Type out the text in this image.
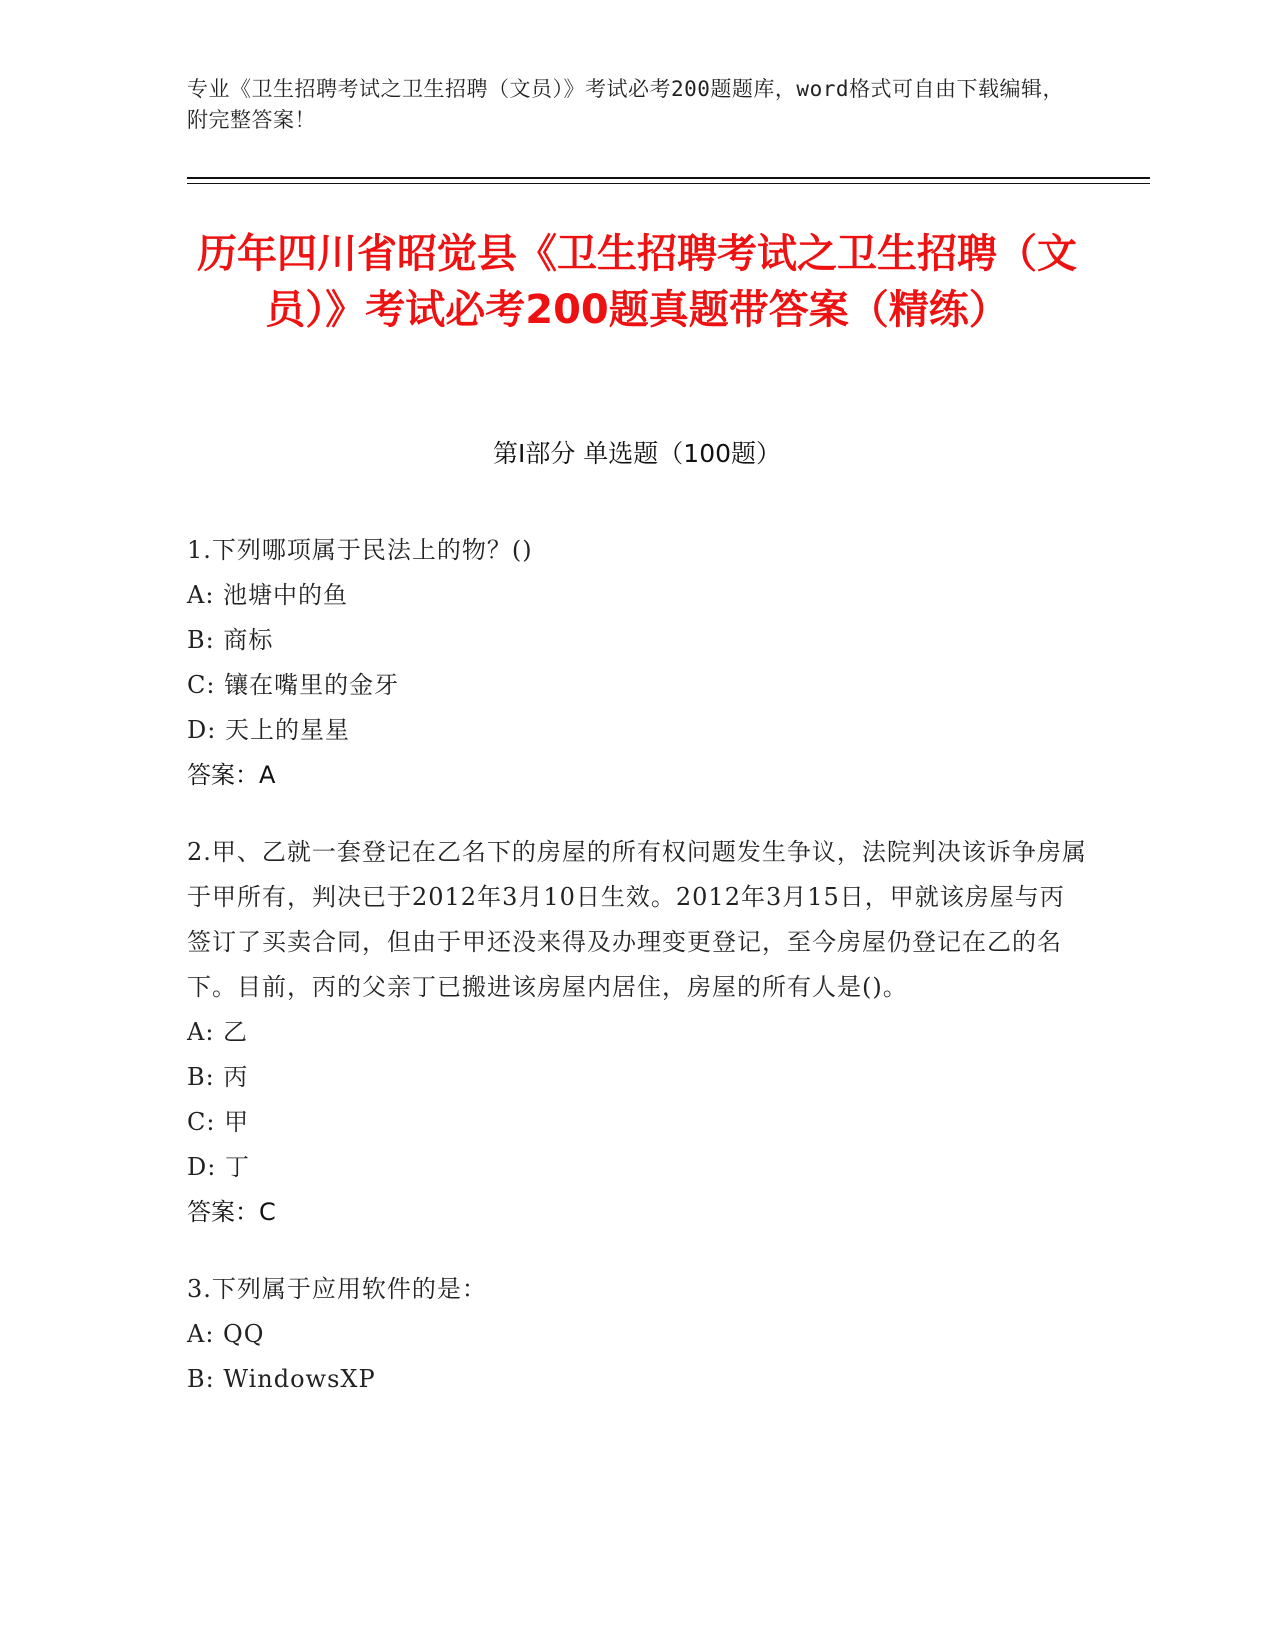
专业《卫生招聘考试之卫生招聘（文员）》考试必考200题题库，word格式可自由下载编辑，附完整答案！
历年四川省昭觉县《卫生招聘考试之卫生招聘（文员）》考试必考200题真题带答案（精练）
第Ⅰ部分 单选题（100题）

1.下列哪项属于民法上的物？()

A: 池塘中的鱼

B: 商标

C: 镶在嘴里的金牙

D: 天上的星星

答案：A

2.甲、乙就一套登记在乙名下的房屋的所有权问题发生争议，法院判决该诉争房属于甲所有，判决已于2012年3月10日生效。2012年3月15日，甲就该房屋与丙签订了买卖合同，但由于甲还没来得及办理变更登记，至今房屋仍登记在乙的名下。目前，丙的父亲丁已搬进该房屋内居住，房屋的所有人是()。

A: 乙

B: 丙

C: 甲

D: 丁

答案：C

3.下列属于应用软件的是：

A: QQ

B: WindowsXP
